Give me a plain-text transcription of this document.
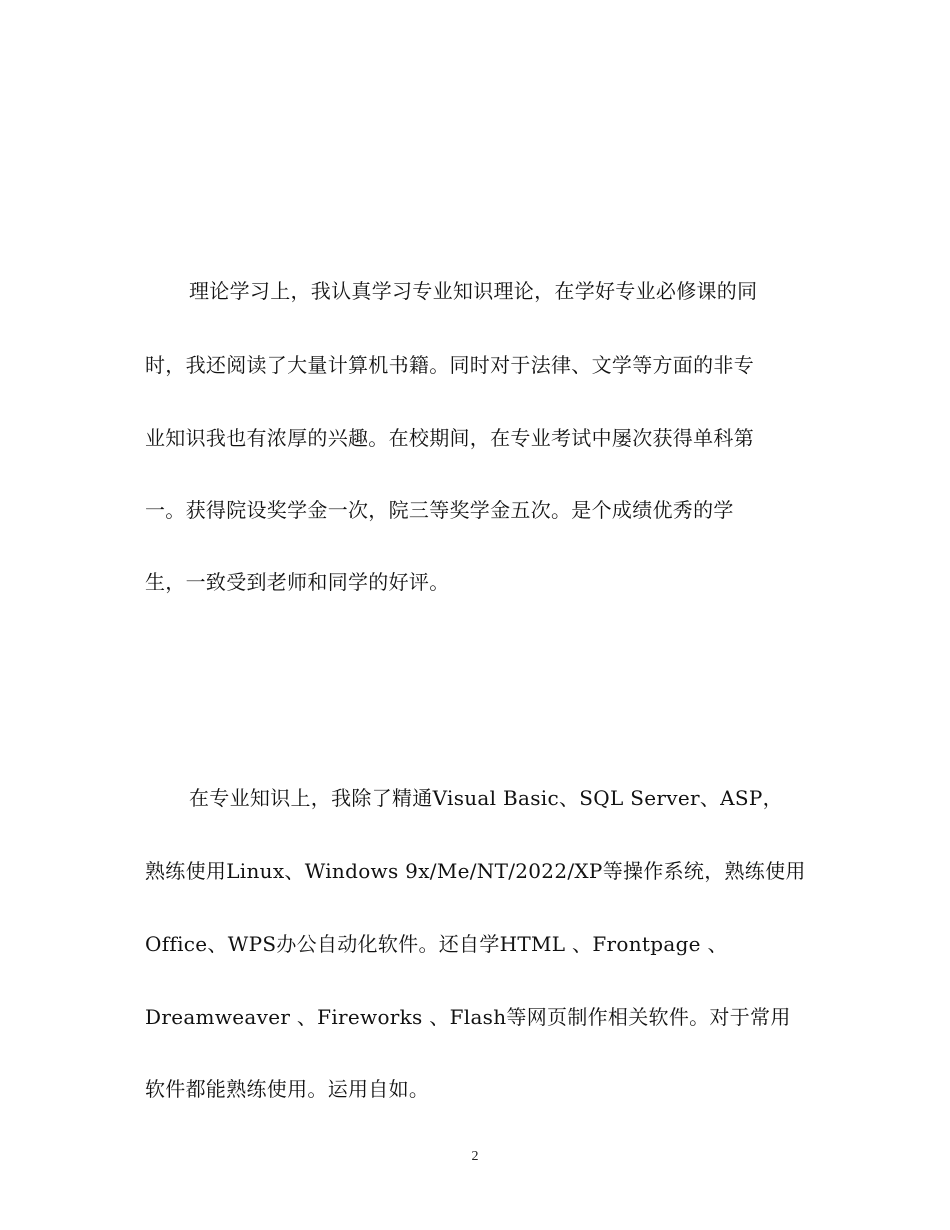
理论学习上，我认真学习专业知识理论，在学好专业必修课的同
时，我还阅读了大量计算机书籍。同时对于法律、文学等方面的非专
业知识我也有浓厚的兴趣。在校期间，在专业考试中屡次获得单科第
一。获得院设奖学金一次，院三等奖学金五次。是个成绩优秀的学
生，一致受到老师和同学的好评。
在专业知识上，我除了精通Visual Basic、SQL Server、ASP，
熟练使用Linux、Windows 9x/Me/NT/2022/XP等操作系统，熟练使用
Office、WPS办公自动化软件。还自学HTML 、Frontpage 、
Dreamweaver 、Fireworks 、Flash等网页制作相关软件。对于常用
软件都能熟练使用。运用自如。
2
